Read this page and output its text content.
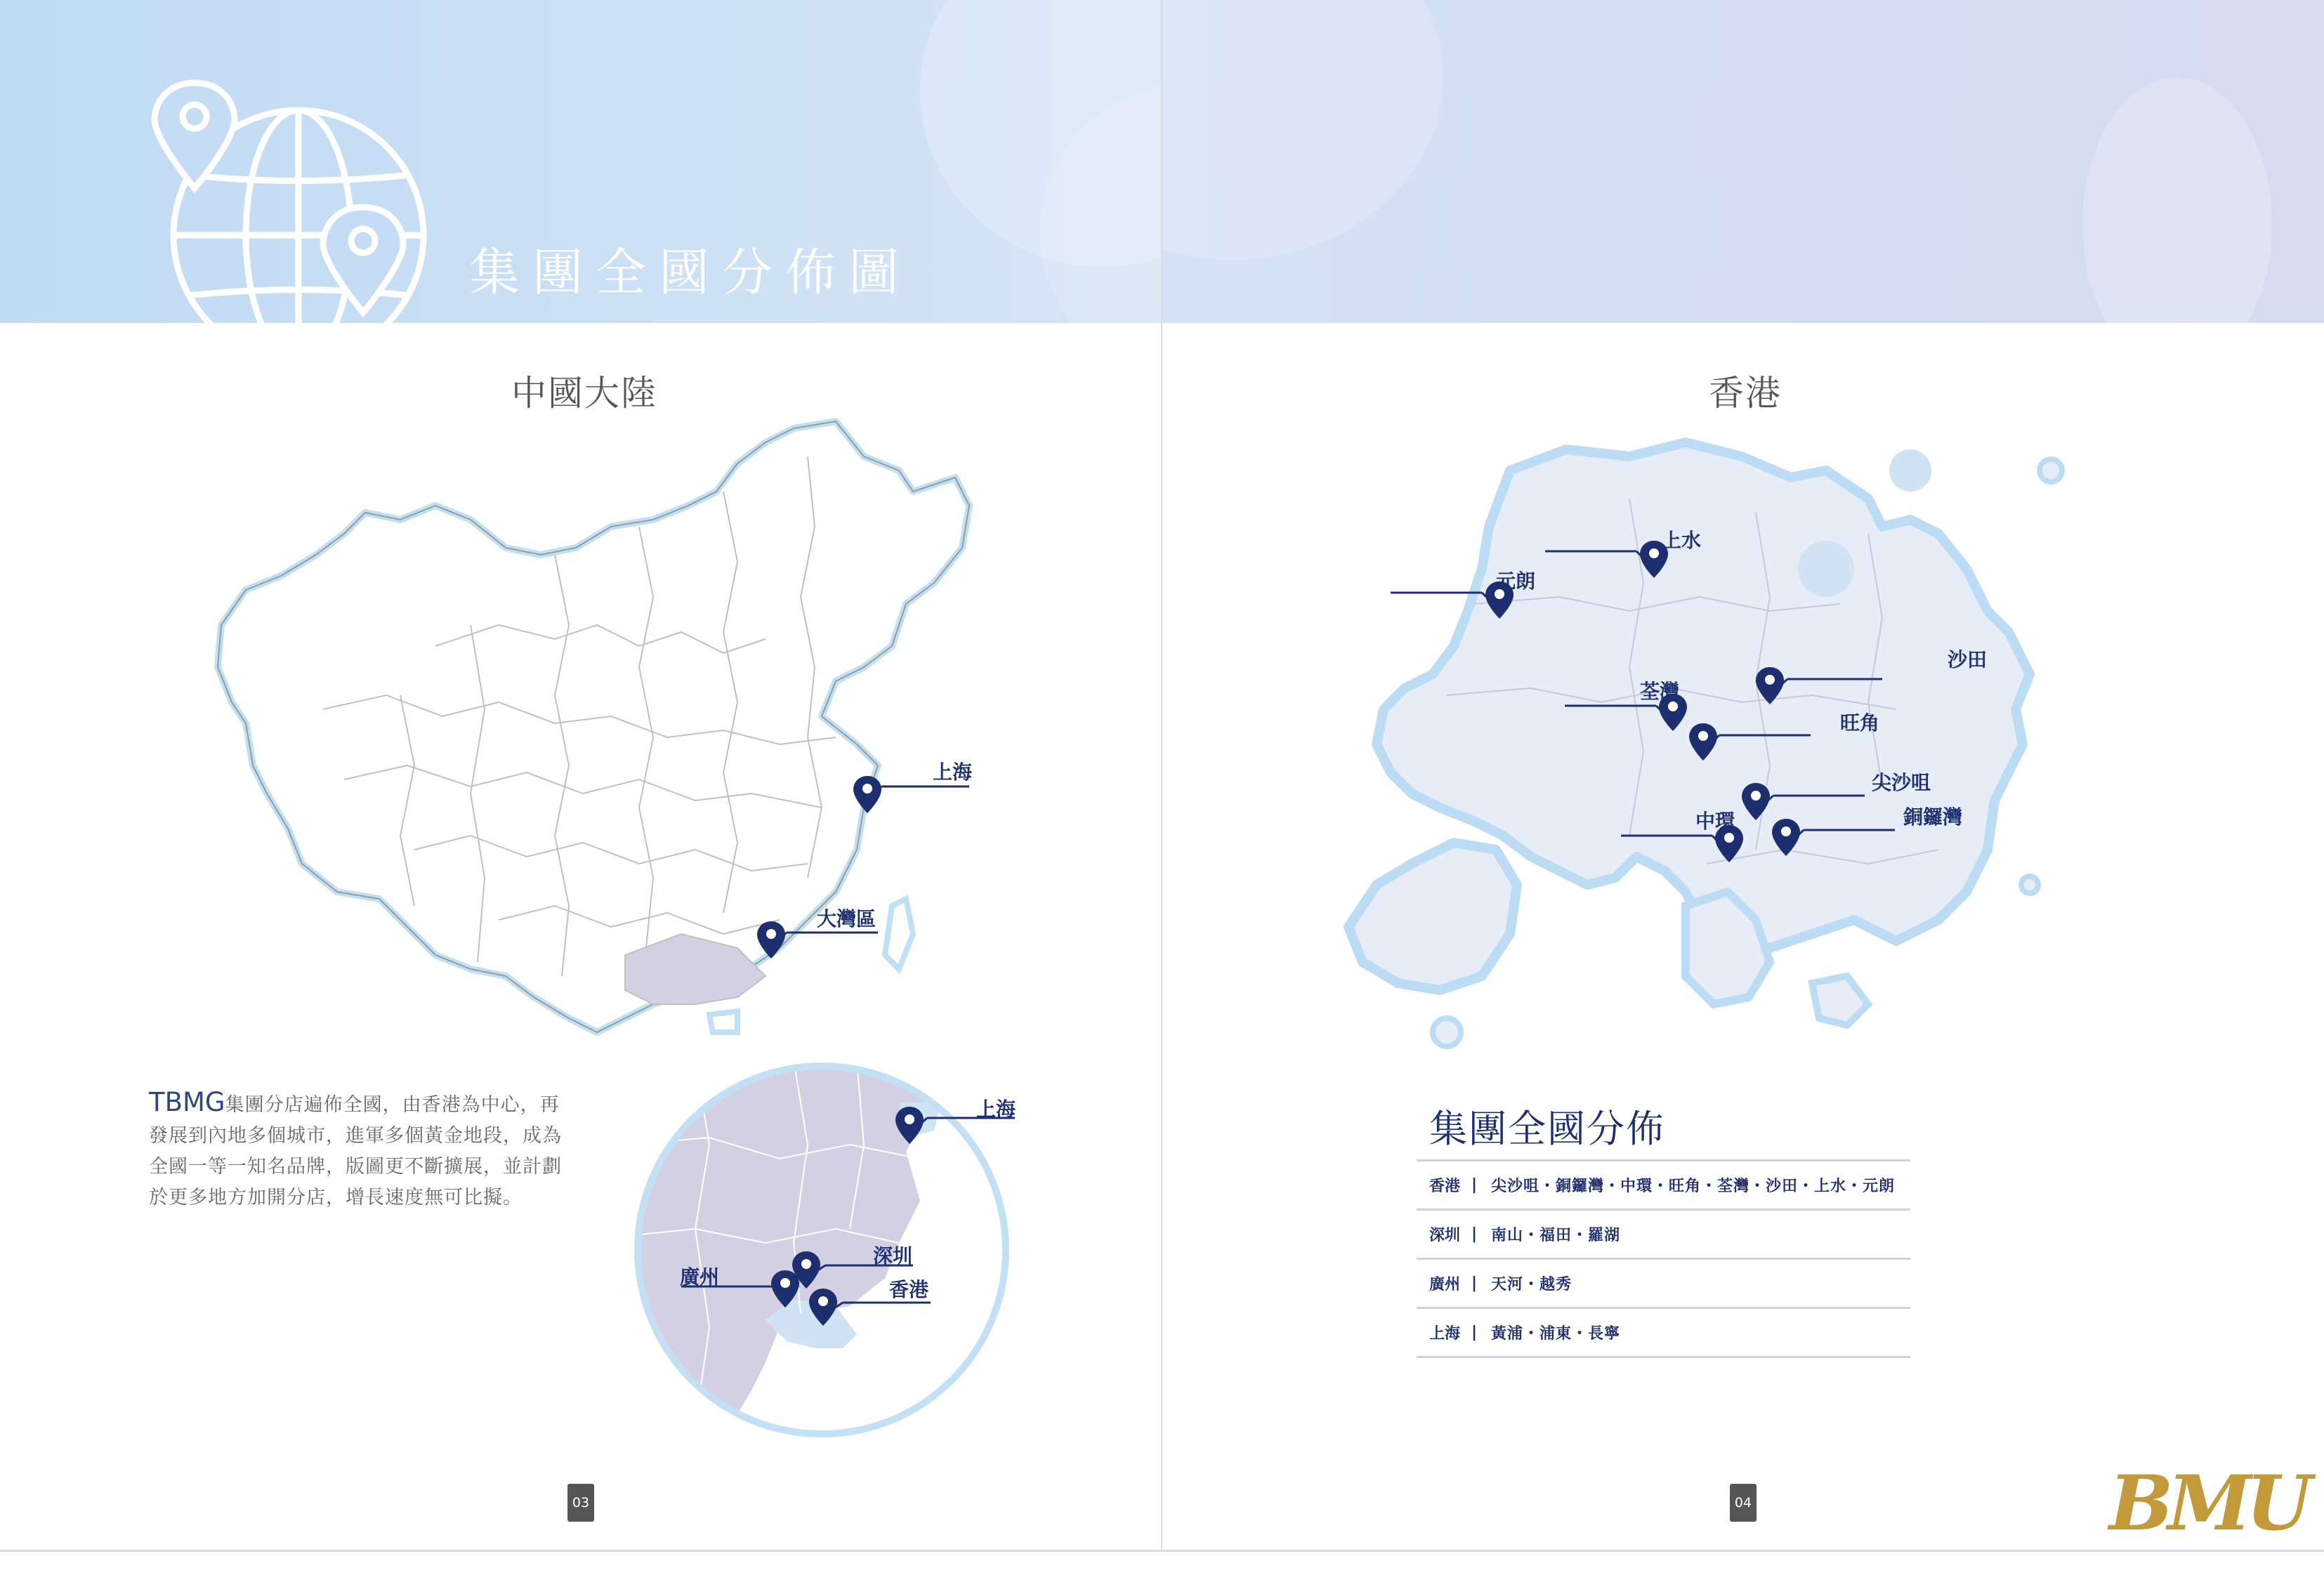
集團全國分佈圖
中國大陸
上海
大灣區
TBMG集團分店遍佈全國，由香港為中心，再發展到內地多個城市，進軍多個黃金地段，成為全國一等一知名品牌，版圖更不斷擴展，並計劃於更多地方加開分店，增長速度無可比擬。
上海
深圳
廣州
香港
03
香港
上水
元朗
沙田
荃灣
旺角
尖沙咀
中環	銅鑼灣
04
集團全國分佈
香港 | 尖沙咀・銅鑼灣・中環・旺角・荃灣・沙田・上水・元朗
深圳 | 南山・福田・羅湖
廣州 | 天河・越秀
上海 | 黃浦・浦東・長寧
BMU
